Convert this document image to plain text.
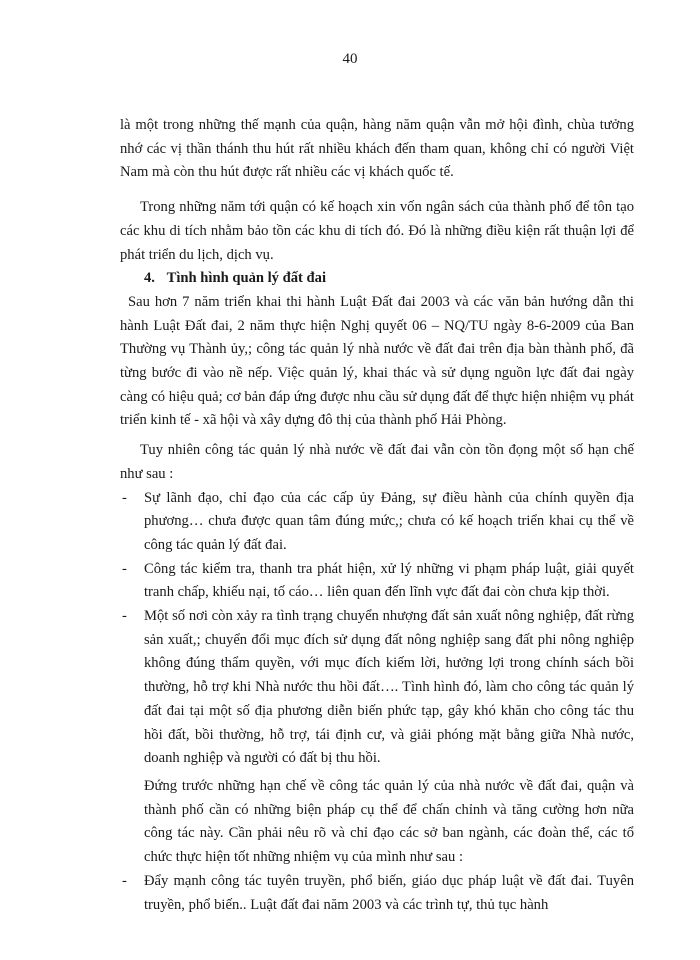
40

là một trong những thế mạnh của quận, hàng năm quận vẫn mở hội đình, chùa tưởng nhớ các vị thần thánh thu hút rất nhiều khách đến tham quan, không chỉ có người Việt Nam mà còn thu hút được rất nhiều các vị khách quốc tế.

Trong những năm tới quận có kế hoạch xin vốn ngân sách của thành phố để tôn tạo các khu di tích nhằm bảo tồn các khu di tích đó. Đó là những điều kiện rất thuận lợi để phát triển du lịch, dịch vụ.

4. Tình hình quản lý đất đai

Sau hơn 7 năm triển khai thi hành Luật Đất đai 2003 và các văn bản hướng dẫn thi hành Luật Đất đai, 2 năm thực hiện Nghị quyết 06 – NQ/TU ngày 8-6-2009 của Ban Thường vụ Thành ủy,; công tác quản lý nhà nước về đất đai trên địa bàn thành phố, đã từng bước đi vào nề nếp. Việc quản lý, khai thác và sử dụng nguồn lực đất đai ngày càng có hiệu quả; cơ bản đáp ứng được nhu cầu sử dụng đất để thực hiện nhiệm vụ phát triển kinh tế - xã hội và xây dựng đô thị của thành phố Hải Phòng.

Tuy nhiên công tác quản lý nhà nước về đất đai vẫn còn tồn đọng một số hạn chế như sau :

-	Sự lãnh đạo, chỉ đạo của các cấp ủy Đảng, sự điều hành của chính quyền địa phương… chưa được quan tâm đúng mức,; chưa có kế hoạch triển khai cụ thể về công tác quản lý đất đai.
-	Công tác kiểm tra, thanh tra phát hiện, xử lý những vi phạm pháp luật, giải quyết tranh chấp, khiếu nại, tố cáo… liên quan đến lĩnh vực đất đai còn chưa kịp thời.
-	Một số nơi còn xảy ra tình trạng chuyển nhượng đất sản xuất nông nghiệp, đất rừng sản xuất,; chuyển đổi mục đích sử dụng đất nông nghiệp sang đất phi nông nghiệp không đúng thẩm quyền, với mục đích kiếm lời, hưởng lợi trong chính sách bồi thường, hỗ trợ khi Nhà nước thu hồi đất…. Tình hình đó, làm cho công tác quản lý đất đai tại một số địa phương diễn biến phức tạp, gây khó khăn cho công tác thu hồi đất, bồi thường, hỗ trợ, tái định cư, và giải phóng mặt bằng giữa Nhà nước, doanh nghiệp và người có đất bị thu hồi.

Đứng trước những hạn chế về công tác quản lý của nhà nước về đất đai, quận và thành phố cần có những biện pháp cụ thể để chấn chỉnh và tăng cường hơn nữa công tác này. Cần phải nêu rõ và chỉ đạo các sở ban ngành, các đoàn thể, các tổ chức thực hiện tốt những nhiệm vụ của mình như sau :

-	Đẩy mạnh công tác tuyên truyền, phổ biến, giáo dục pháp luật về đất đai. Tuyên truyền, phổ biến.. Luật đất đai năm 2003 và các trình tự, thủ tục hành
